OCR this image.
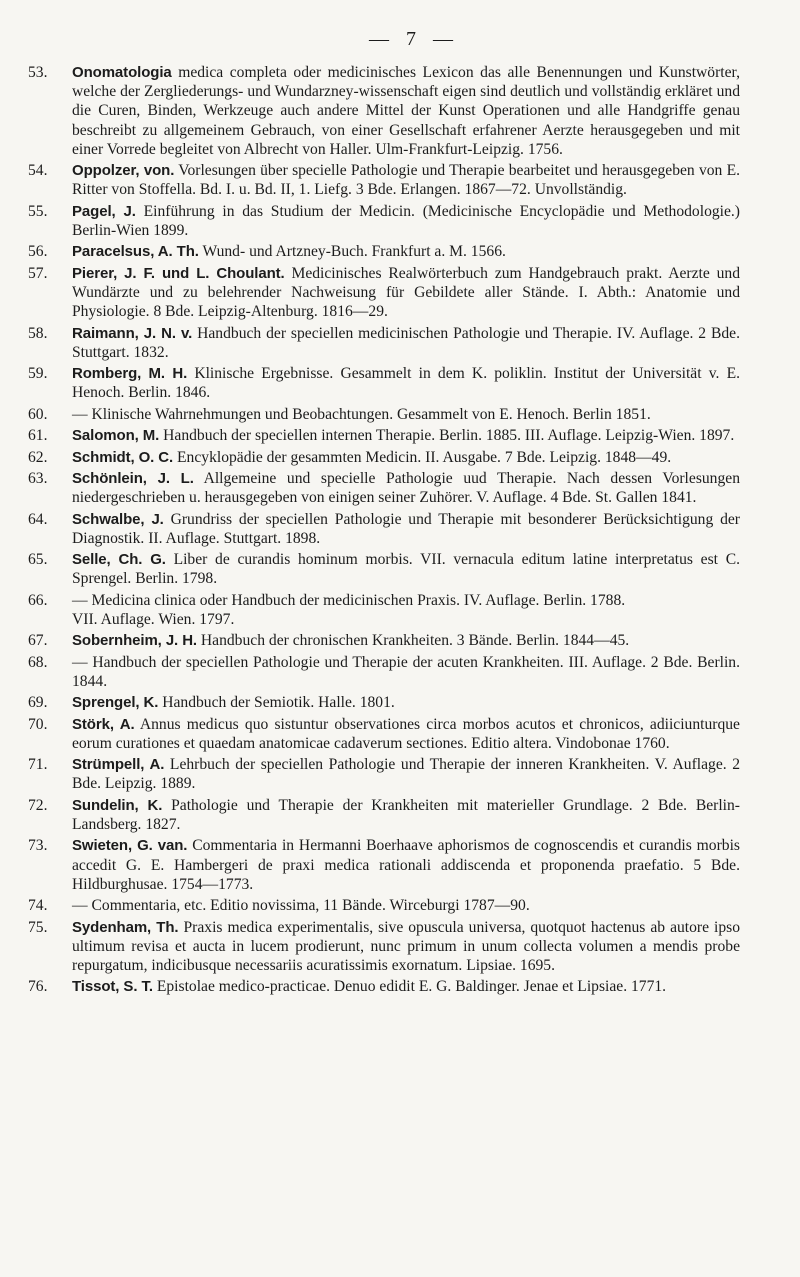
— 7 —
53.	Onomatologia medica completa oder medicinisches Lexicon das alle Benennungen und Kunstwörter, welche der Zergliederungs- und Wundarzney-wissenschaft eigen sind deutlich und vollständig erkläret und die Curen, Binden, Werkzeuge auch andere Mittel der Kunst Operationen und alle Handgriffe genau beschreibt zu allgemeinem Gebrauch, von einer Gesellschaft erfahrener Aerzte herausgegeben und mit einer Vorrede begleitet von Albrecht von Haller. Ulm-Frankfurt-Leipzig. 1756.
54.	Oppolzer, von. Vorlesungen über specielle Pathologie und Therapie bearbeitet und herausgegeben von E. Ritter von Stoffella. Bd. I. u. Bd. II, 1. Liefg. 3 Bde. Erlangen. 1867—72. Unvollständig.
55.	Pagel, J. Einführung in das Studium der Medicin. (Medicinische Encyclopädie und Methodologie.) Berlin-Wien 1899.
56.	Paracelsus, A. Th. Wund- und Artzney-Buch. Frankfurt a. M. 1566.
57.	Pierer, J. F. und L. Choulant. Medicinisches Realwörterbuch zum Handgebrauch prakt. Aerzte und Wundärzte und zu belehrender Nachweisung für Gebildete aller Stände. I. Abth.: Anatomie und Physiologie. 8 Bde. Leipzig-Altenburg. 1816—29.
58.	Raimann, J. N. v. Handbuch der speciellen medicinischen Pathologie und Therapie. IV. Auflage. 2 Bde. Stuttgart. 1832.
59.	Romberg, M. H. Klinische Ergebnisse. Gesammelt in dem K. poliklin. Institut der Universität v. E. Henoch. Berlin. 1846.
60.	— Klinische Wahrnehmungen und Beobachtungen. Gesammelt von E. Henoch. Berlin 1851.
61.	Salomon, M. Handbuch der speciellen internen Therapie. Berlin. 1885. III. Auflage. Leipzig-Wien. 1897.
62.	Schmidt, O. C. Encyklopädie der gesammten Medicin. II. Ausgabe. 7 Bde. Leipzig. 1848—49.
63.	Schönlein, J. L. Allgemeine und specielle Pathologie uud Therapie. Nach dessen Vorlesungen niedergeschrieben u. herausgegeben von einigen seiner Zuhörer. V. Auflage. 4 Bde. St. Gallen 1841.
64.	Schwalbe, J. Grundriss der speciellen Pathologie und Therapie mit besonderer Berücksichtigung der Diagnostik. II. Auflage. Stuttgart. 1898.
65.	Selle, Ch. G. Liber de curandis hominum morbis. VII. vernacula editum latine interpretatus est C. Sprengel. Berlin. 1798.
66.	— Medicina clinica oder Handbuch der medicinischen Praxis. IV. Auflage. Berlin. 1788.
VII. Auflage. Wien. 1797.
67.	Sobernheim, J. H. Handbuch der chronischen Krankheiten. 3 Bände. Berlin. 1844—45.
68.	— Handbuch der speciellen Pathologie und Therapie der acuten Krankheiten. III. Auflage. 2 Bde. Berlin. 1844.
69.	Sprengel, K. Handbuch der Semiotik. Halle. 1801.
70.	Störk, A. Annus medicus quo sistuntur observationes circa morbos acutos et chronicos, adiiciunturque eorum curationes et quaedam anatomicae cadaverum sectiones. Editio altera. Vindobonae 1760.
71.	Strümpell, A. Lehrbuch der speciellen Pathologie und Therapie der inneren Krankheiten. V. Auflage. 2 Bde. Leipzig. 1889.
72.	Sundelin, K. Pathologie und Therapie der Krankheiten mit materieller Grundlage. 2 Bde. Berlin-Landsberg. 1827.
73.	Swieten, G. van. Commentaria in Hermanni Boerhaave aphorismos de cognoscendis et curandis morbis accedit G. E. Hambergeri de praxi medica rationali addiscenda et proponenda praefatio. 5 Bde. Hildburghusae. 1754—1773.
74.	— Commentaria, etc. Editio novissima, 11 Bände. Wirceburgi 1787—90.
75.	Sydenham, Th. Praxis medica experimentalis, sive opuscula universa, quotquot hactenus ab autore ipso ultimum revisa et aucta in lucem prodierunt, nunc primum in unum collecta volumen a mendis probe repurgatum, indicibusque necessariis acuratissimis exornatum. Lipsiae. 1695.
76.	Tissot, S. T. Epistolae medico-practicae. Denuo edidit E. G. Baldinger. Jenae et Lipsiae. 1771.
